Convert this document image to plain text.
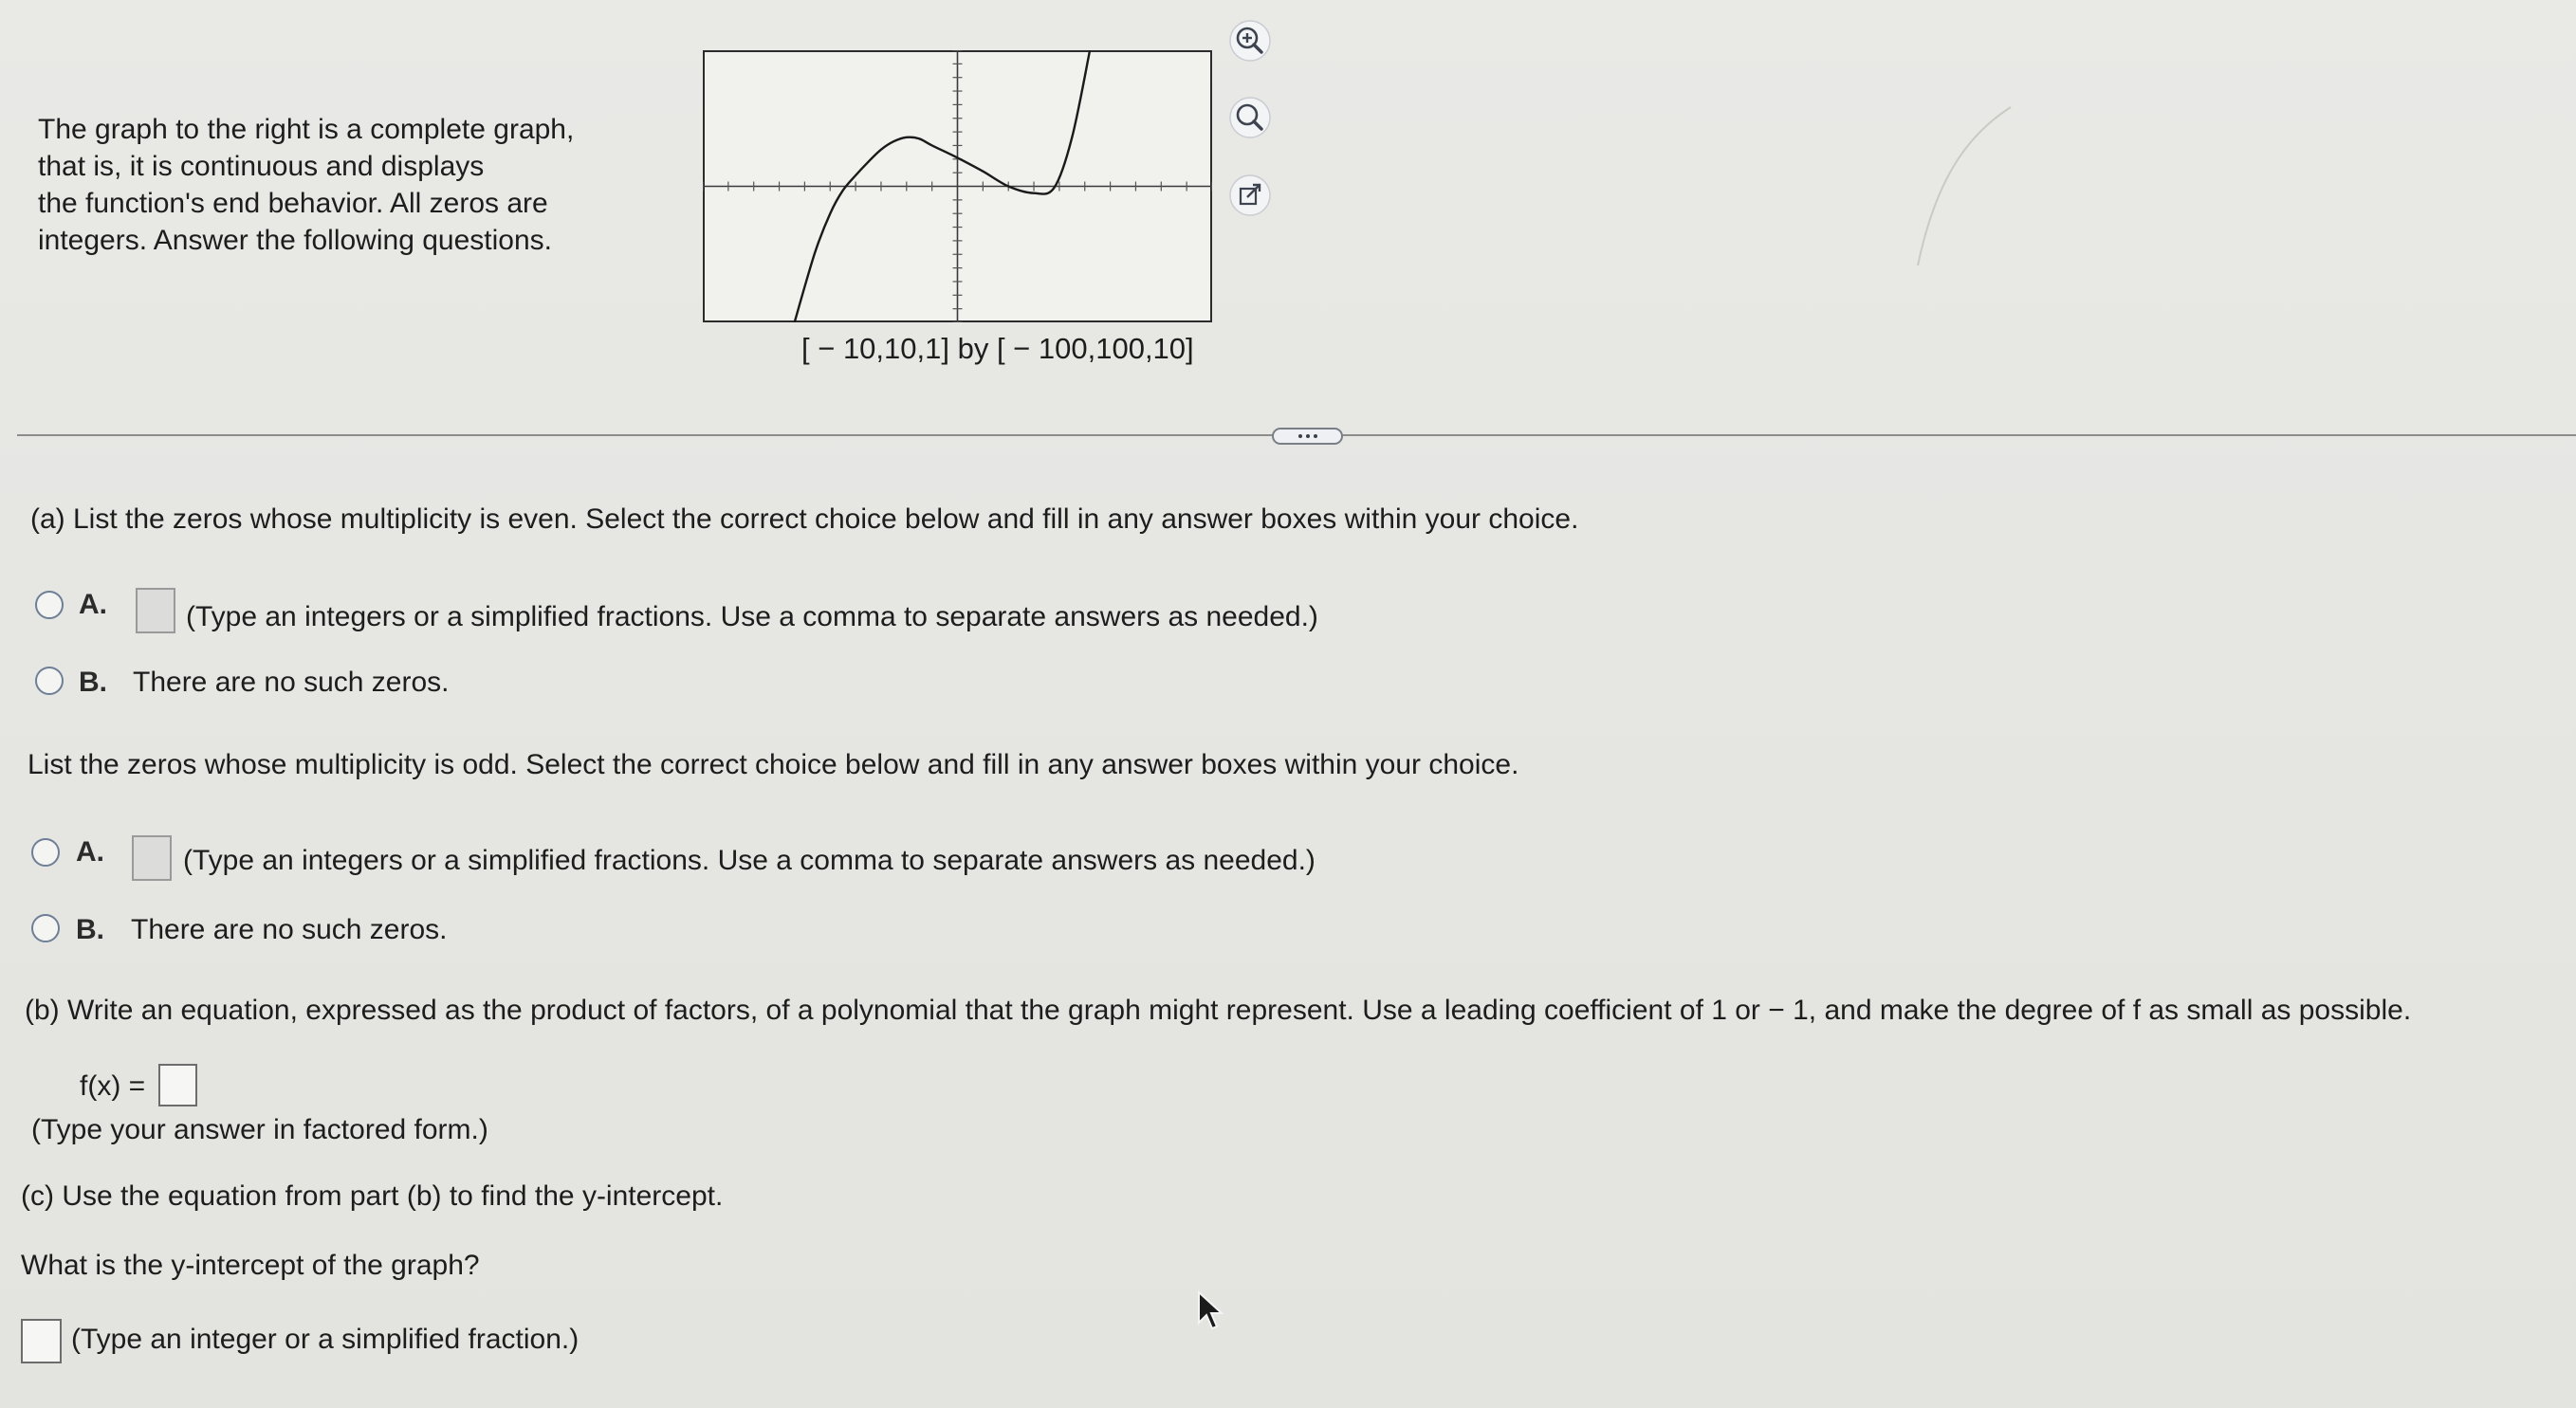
The graph to the right is a complete graph,

that is, it is continuous and displays

the function's end behavior. All zeros are

integers. Answer the following questions.

[ − 10,10,1] by [ − 100,100,10]
(a) List the zeros whose multiplicity is even. Select the correct choice below and fill in any answer boxes within your choice.
A.	(Type an integers or a simplified fractions. Use a comma to separate answers as needed.)
B. There are no such zeros.
List the zeros whose multiplicity is odd. Select the correct choice below and fill in any answer boxes within your choice.
A.	(Type an integers or a simplified fractions. Use a comma to separate answers as needed.)
B. There are no such zeros.
(b) Write an equation, expressed as the product of factors, of a polynomial that the graph might represent. Use a leading coefficient of 1 or − 1, and make the degree of f as small as possible.
f(x) =
(Type your answer in factored form.)
(c) Use the equation from part (b) to find the y-intercept.
What is the y-intercept of the graph?
(Type an integer or a simplified fraction.)
